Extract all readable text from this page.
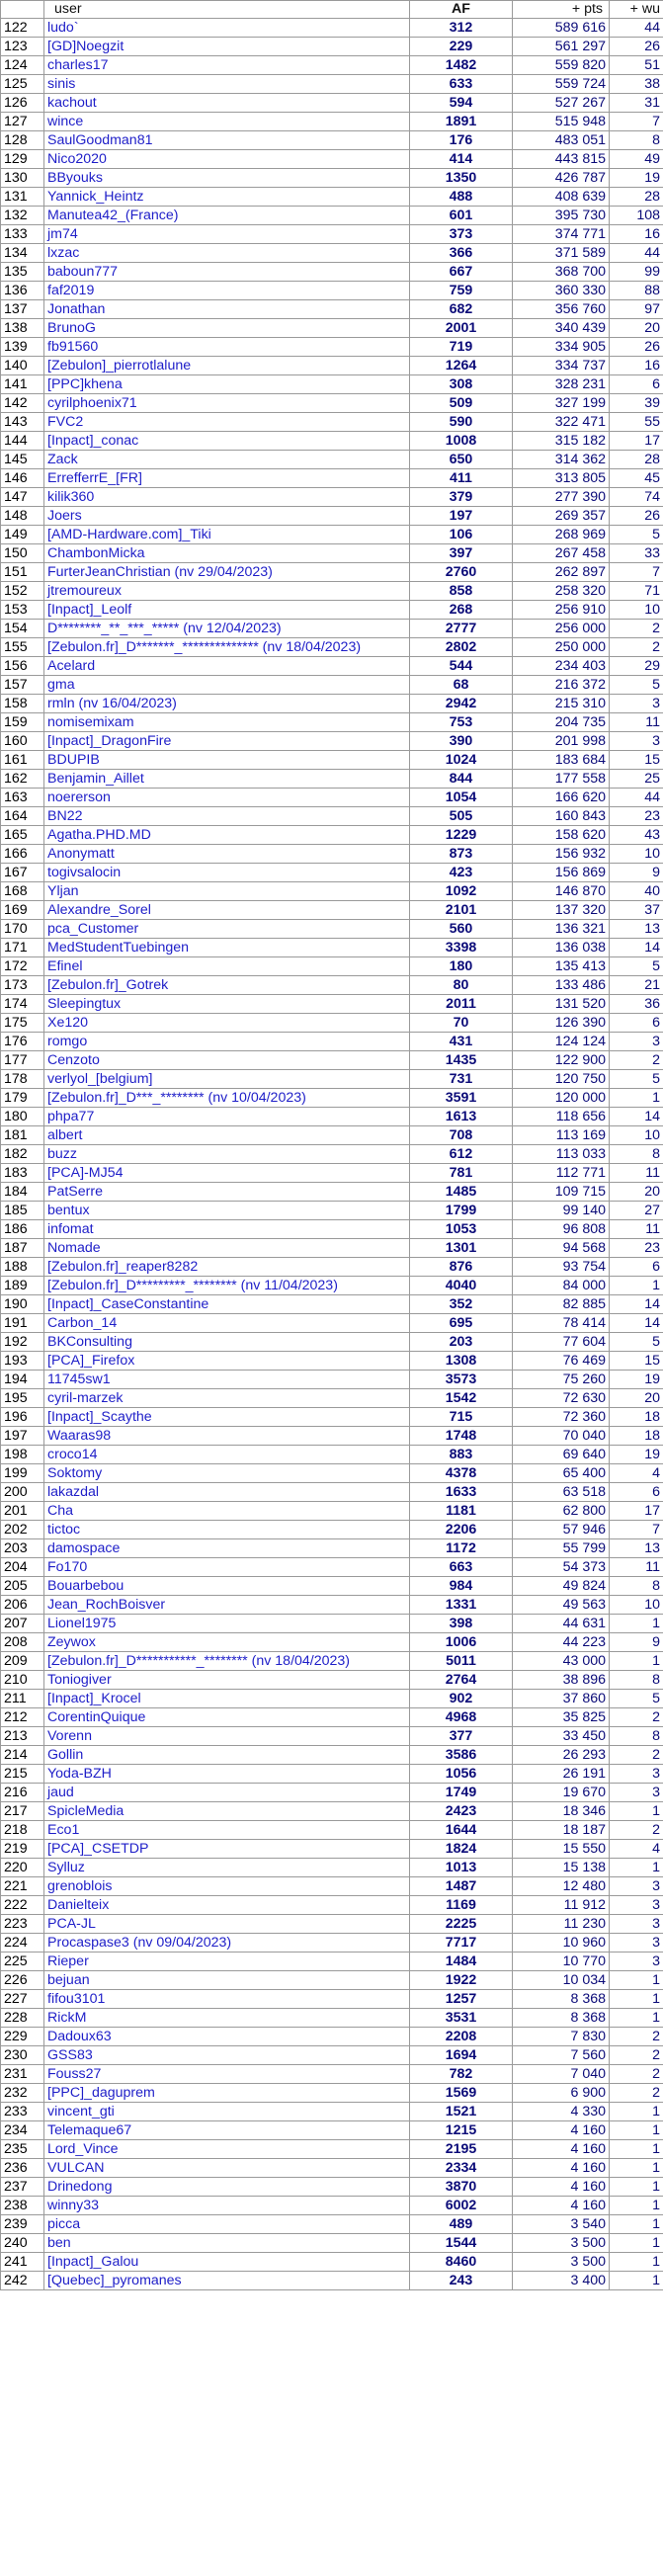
	user	AF	+ pts	+ wu
122	ludo`	312	589 616	44
123	[GD]Noegzit	229	561 297	26
124	charles17	1482	559 820	51
125	sinis	633	559 724	38
126	kachout	594	527 267	31
127	wince	1891	515 948	7
128	SaulGoodman81	176	483 051	8
129	Nico2020	414	443 815	49
130	BByouks	1350	426 787	19
131	Yannick_Heintz	488	408 639	28
132	Manutea42_(France)	601	395 730	108
133	jm74	373	374 771	16
134	lxzac	366	371 589	44
135	baboun777	667	368 700	99
136	faf2019	759	360 330	88
137	Jonathan	682	356 760	97
138	BrunoG	2001	340 439	20
139	fb91560	719	334 905	26
140	[Zebulon]_pierrotlalune	1264	334 737	16
141	[PPC]khena	308	328 231	6
142	cyrilphoenix71	509	327 199	39
143	FVC2	590	322 471	55
144	[Inpact]_conac	1008	315 182	17
145	Zack	650	314 362	28
146	ErrefferrE_[FR]	411	313 805	45
147	kilik360	379	277 390	74
148	Joers	197	269 357	26
149	[AMD-Hardware.com]_Tiki	106	268 969	5
150	ChambonMicka	397	267 458	33
151	FurterJeanChristian (nv 29/04/2023)	2760	262 897	7
152	jtremoureux	858	258 320	71
153	[Inpact]_Leolf	268	256 910	10
154	D********_**_***_***** (nv 12/04/2023)	2777	256 000	2
155	[Zebulon.fr]_D*******_************** (nv 18/04/2023)	2802	250 000	2
156	Acelard	544	234 403	29
157	gma	68	216 372	5
158	rmln (nv 16/04/2023)	2942	215 310	3
159	nomisemixam	753	204 735	11
160	[Inpact]_DragonFire	390	201 998	3
161	BDUPIB	1024	183 684	15
162	Benjamin_Aillet	844	177 558	25
163	noererson	1054	166 620	44
164	BN22	505	160 843	23
165	Agatha.PHD.MD	1229	158 620	43
166	Anonymatt	873	156 932	10
167	togivsalocin	423	156 869	9
168	Yljan	1092	146 870	40
169	Alexandre_Sorel	2101	137 320	37
170	pca_Customer	560	136 321	13
171	MedStudentTuebingen	3398	136 038	14
172	Efinel	180	135 413	5
173	[Zebulon.fr]_Gotrek	80	133 486	21
174	Sleepingtux	2011	131 520	36
175	Xe120	70	126 390	6
176	romgo	431	124 124	3
177	Cenzoto	1435	122 900	2
178	verlyol_[belgium]	731	120 750	5
179	[Zebulon.fr]_D***_******** (nv 10/04/2023)	3591	120 000	1
180	phpa77	1613	118 656	14
181	albert	708	113 169	10
182	buzz	612	113 033	8
183	[PCA]-MJ54	781	112 771	11
184	PatSerre	1485	109 715	20
185	bentux	1799	99 140	27
186	infomat	1053	96 808	11
187	Nomade	1301	94 568	23
188	[Zebulon.fr]_reaper8282	876	93 754	6
189	[Zebulon.fr]_D*********_******** (nv 11/04/2023)	4040	84 000	1
190	[Inpact]_CaseConstantine	352	82 885	14
191	Carbon_14	695	78 414	14
192	BKConsulting	203	77 604	5
193	[PCA]_Firefox	1308	76 469	15
194	11745sw1	3573	75 260	19
195	cyril-marzek	1542	72 630	20
196	[Inpact]_Scaythe	715	72 360	18
197	Waaras98	1748	70 040	18
198	croco14	883	69 640	19
199	Soktomy	4378	65 400	4
200	lakazdal	1633	63 518	6
201	Cha	1181	62 800	17
202	tictoc	2206	57 946	7
203	damospace	1172	55 799	13
204	Fo170	663	54 373	11
205	Bouarbebou	984	49 824	8
206	Jean_RochBoisver	1331	49 563	10
207	Lionel1975	398	44 631	1
208	Zeywox	1006	44 223	9
209	[Zebulon.fr]_D***********_******** (nv 18/04/2023)	5011	43 000	1
210	Toniogiver	2764	38 896	8
211	[Inpact]_Krocel	902	37 860	5
212	CorentinQuique	4968	35 825	2
213	Vorenn	377	33 450	8
214	Gollin	3586	26 293	2
215	Yoda-BZH	1056	26 191	3
216	jaud	1749	19 670	3
217	SpicleMedia	2423	18 346	1
218	Eco1	1644	18 187	2
219	[PCA]_CSETDP	1824	15 550	4
220	Sylluz	1013	15 138	1
221	grenoblois	1487	12 480	3
222	Danielteix	1169	11 912	3
223	PCA-JL	2225	11 230	3
224	Procaspase3 (nv 09/04/2023)	7717	10 960	3
225	Rieper	1484	10 770	3
226	bejuan	1922	10 034	1
227	fifou3101	1257	8 368	1
228	RickM	3531	8 368	1
229	Dadoux63	2208	7 830	2
230	GSS83	1694	7 560	2
231	Fouss27	782	7 040	2
232	[PPC]_daguprem	1569	6 900	2
233	vincent_gti	1521	4 330	1
234	Telemaque67	1215	4 160	1
235	Lord_Vince	2195	4 160	1
236	VULCAN	2334	4 160	1
237	Drinedong	3870	4 160	1
238	winny33	6002	4 160	1
239	picca	489	3 540	1
240	ben	1544	3 500	1
241	[Inpact]_Galou	8460	3 500	1
242	[Quebec]_pyromanes	243	3 400	1
